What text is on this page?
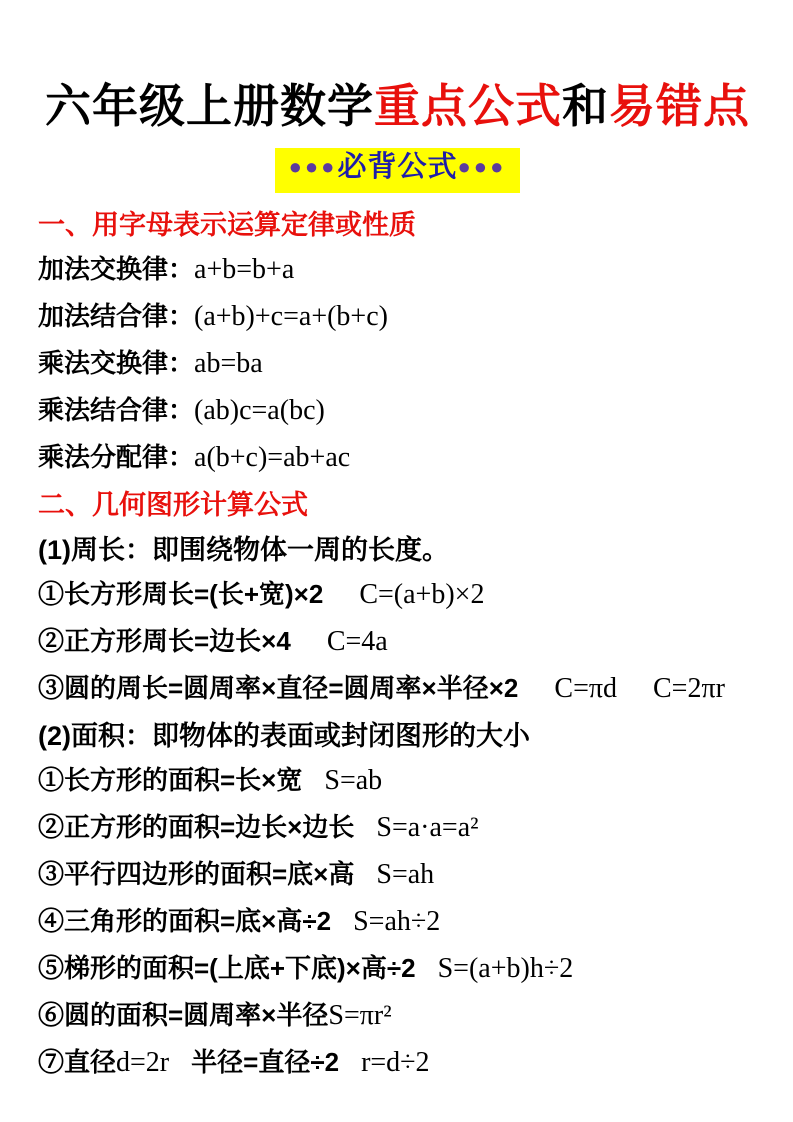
六年级上册数学重点公式和易错点
●●●必背公式●●●
一、用字母表示运算定律或性质

加法交换律：a+b=b+a

加法结合律：(a+b)+c=a+(b+c)

乘法交换律：ab=ba

乘法结合律：(ab)c=a(bc)

乘法分配律：a(b+c)=ab+ac

二、几何图形计算公式
(1)周长：即围绕物体一周的长度。

①长方形周长=(长+宽)×2 C=(a+b)×2

②正方形周长=边长×4 C=4a

③圆的周长=圆周率×直径=圆周率×半径×2 C=πd C=2πr

(2)面积：即物体的表面或封闭图形的大小

①长方形的面积=长×宽 S=ab

②正方形的面积=边长×边长 S=a·a=a²

③平行四边形的面积=底×高 S=ah

④三角形的面积=底×高÷2 S=ah÷2

⑤梯形的面积=(上底+下底)×高÷2 S=(a+b)h÷2

⑥圆的面积=圆周率×半径S=πr²

⑦直径d=2r 半径=直径÷2 r=d÷2
